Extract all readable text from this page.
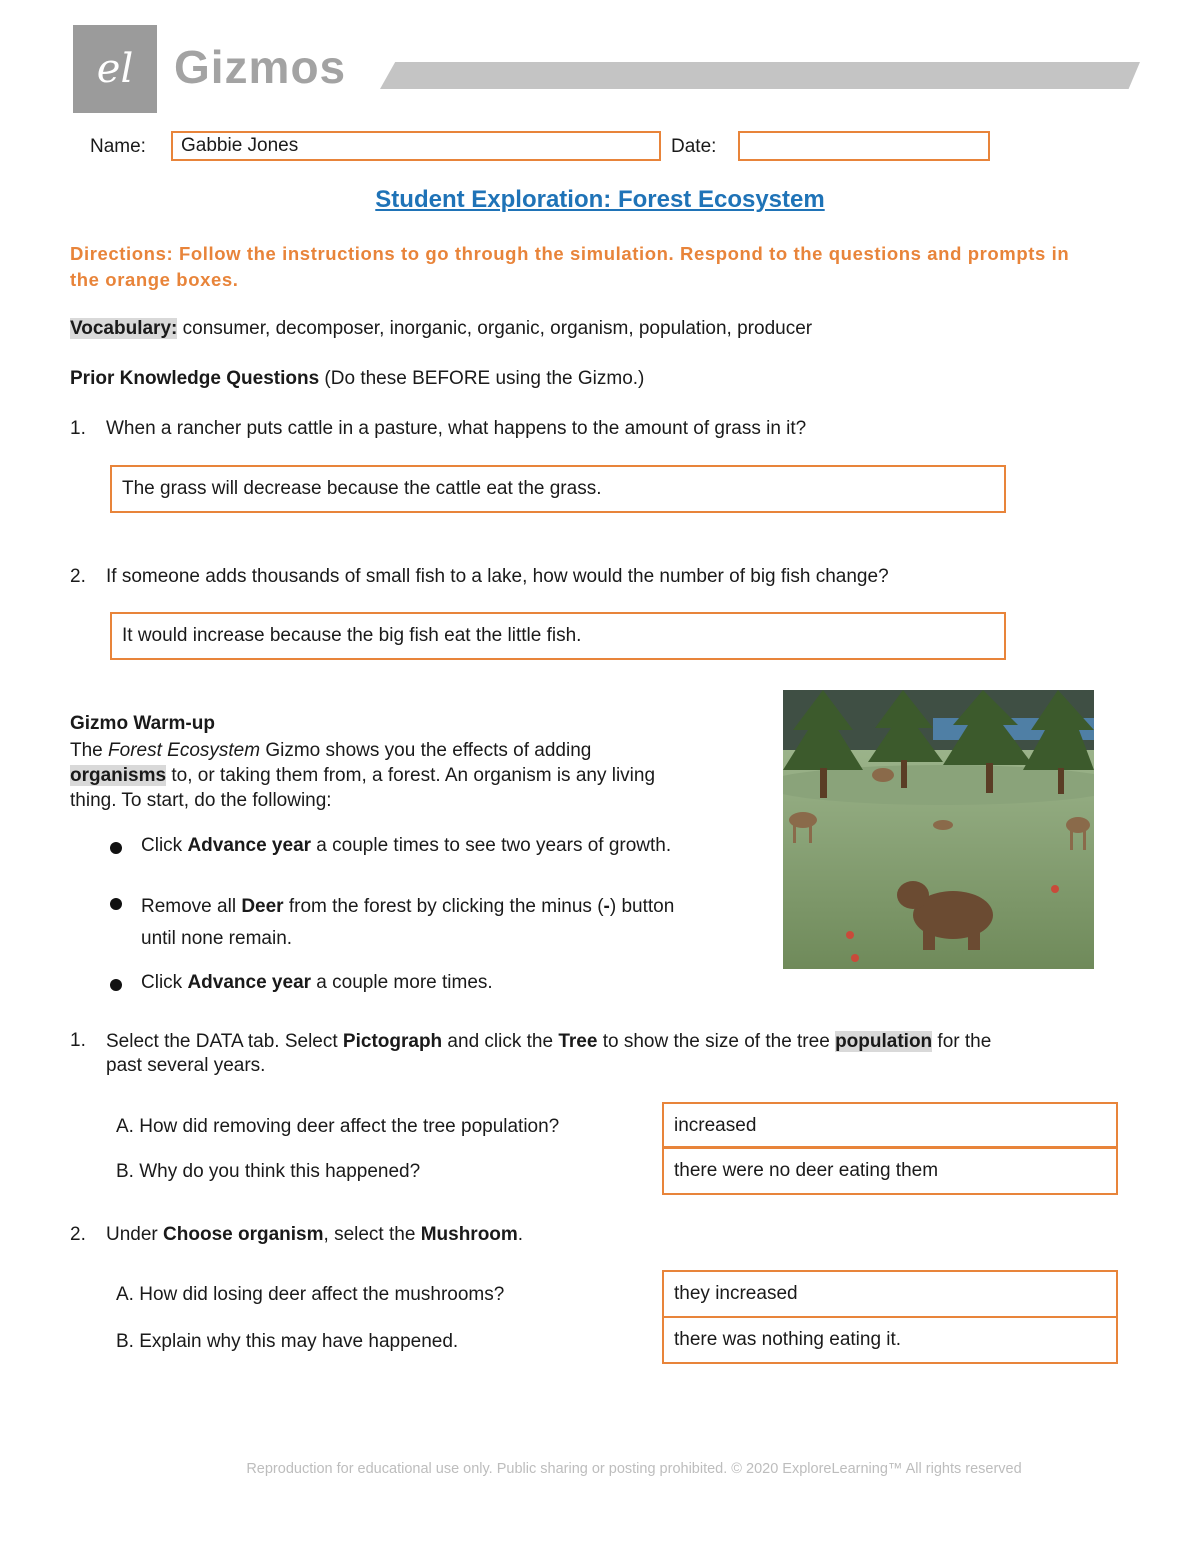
el Gizmos
Name:	Gabbie Jones	Date:
Student Exploration: Forest Ecosystem
Directions: Follow the instructions to go through the simulation. Respond to the questions and prompts in the orange boxes.
Vocabulary: consumer, decomposer, inorganic, organic, organism, population, producer
Prior Knowledge Questions (Do these BEFORE using the Gizmo.)
1. When a rancher puts cattle in a pasture, what happens to the amount of grass in it?
The grass will decrease because the cattle eat the grass.
2. If someone adds thousands of small fish to a lake, how would the number of big fish change?
It would increase because the big fish eat the little fish.
Gizmo Warm-up
The Forest Ecosystem Gizmo shows you the effects of adding
organisms to, or taking them from, a forest. An organism is any living
thing. To start, do the following:
Click Advance year a couple times to see two years of growth.
Remove all Deer from the forest by clicking the minus (-) button
until none remain.
Click Advance year a couple more times.
1. Select the DATA tab. Select Pictograph and click the Tree to show the size of the tree population for the
past several years.
A. How did removing deer affect the tree population?	increased
B. Why do you think this happened?	there were no deer eating them
2. Under Choose organism, select the Mushroom.
A. How did losing deer affect the mushrooms?	they increased
B. Explain why this may have happened.	there was nothing eating it.
Reproduction for educational use only. Public sharing or posting prohibited. © 2020 ExploreLearning™ All rights reserved
